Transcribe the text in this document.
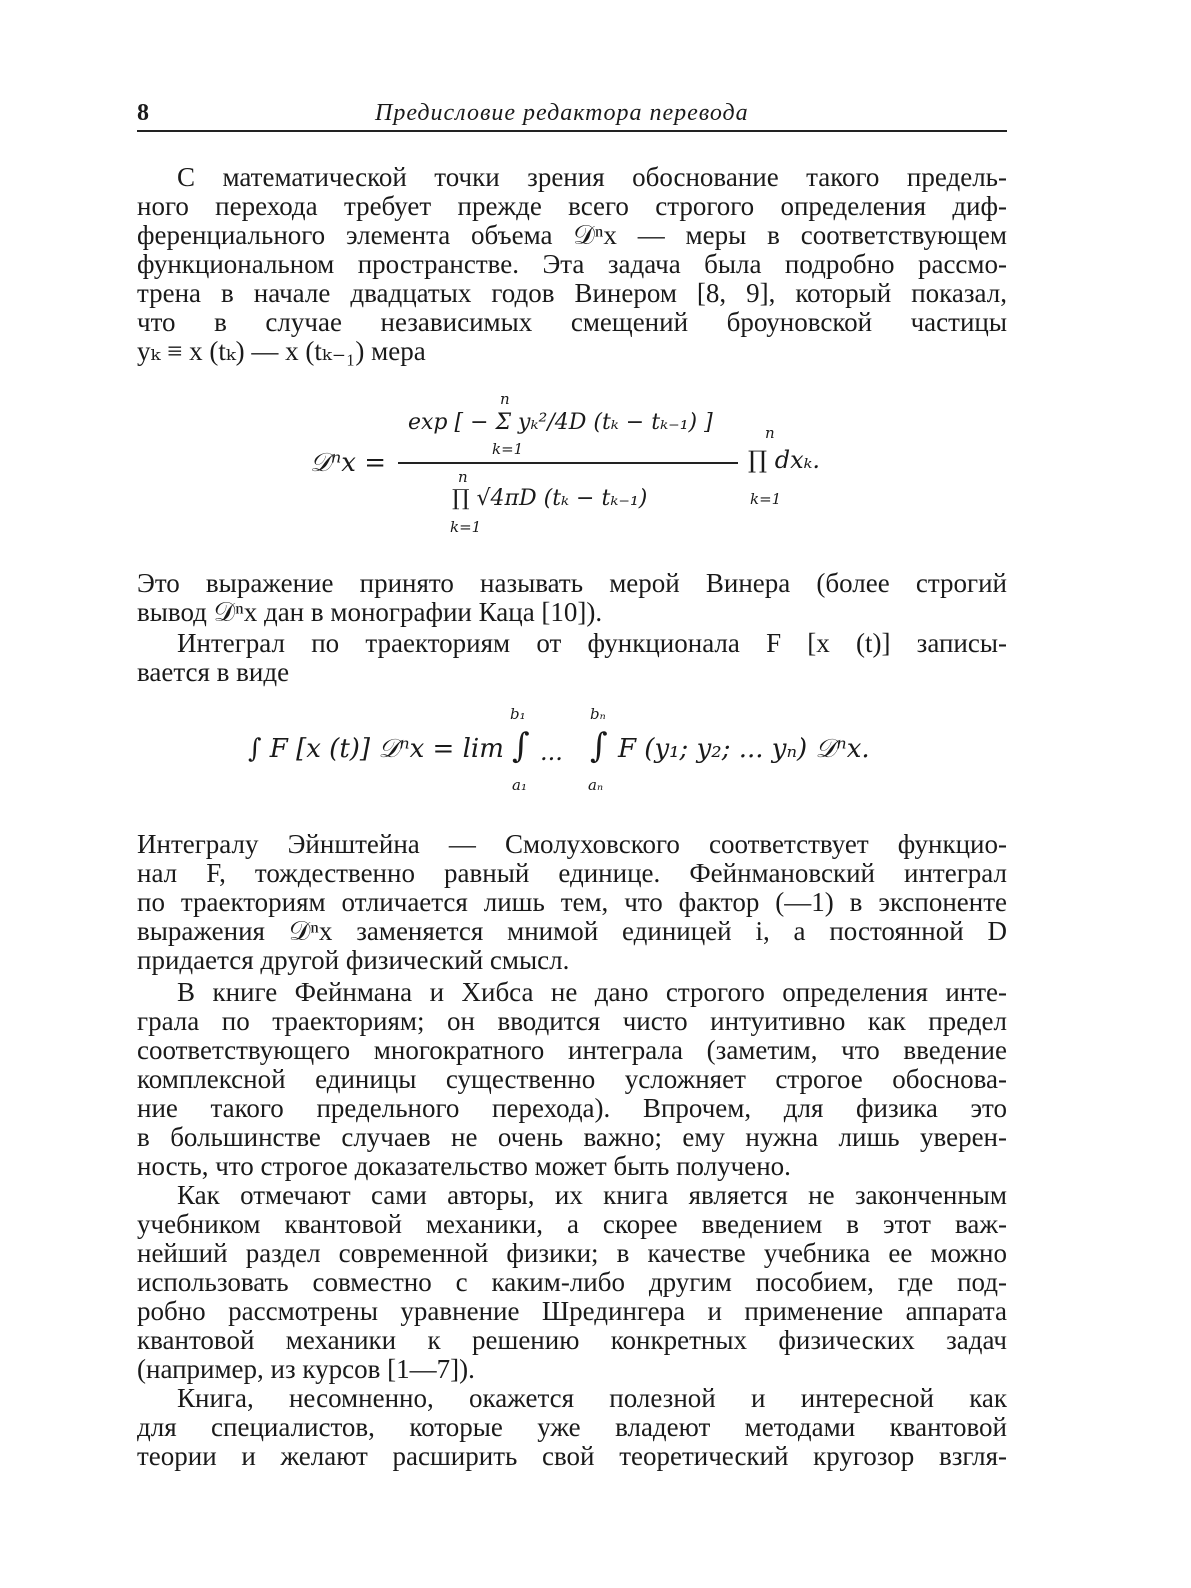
8	Предисловие редактора перевода
С математической точки зрения обоснование такого предель-
ного перехода требует прежде всего строгого определения диф-
ференциального элемента объема 𝒟ⁿx — меры в соответствующем
функциональном пространстве. Эта задача была подробно рассмо-
трена в начале двадцатых годов Винером [8, 9], который показал,
что в случае независимых смещений броуновской частицы
yₖ ≡ x (tₖ) — x (tₖ₋₁) мера
𝒟ⁿx =
n
exp [ − Σ yₖ²/4D (tₖ − tₖ₋₁) ]
k=1
n
∏ √4πD (tₖ − tₖ₋₁)
k=1
n
∏ dxₖ.
k=1
Это выражение принято называть мерой Винера (более строгий
вывод 𝒟ⁿx дан в монографии Каца [10]).
Интеграл по траекториям от функционала F [x (t)] записы-
вается в виде
∫ F [x (t)] 𝒟ⁿx = lim
b₁
∫
a₁
...
bₙ
∫
aₙ
F (y₁; y₂; ... yₙ) 𝒟ⁿx.
Интегралу Эйнштейна — Смолуховского соответствует функцио-
нал F, тождественно равный единице. Фейнмановский интеграл
по траекториям отличается лишь тем, что фактор (—1) в экспоненте
выражения 𝒟ⁿx заменяется мнимой единицей i, а постоянной D
придается другой физический смысл.
В книге Фейнмана и Хибса не дано строгого определения инте-
грала по траекториям; он вводится чисто интуитивно как предел
соответствующего многократного интеграла (заметим, что введение
комплексной единицы существенно усложняет строгое обоснова-
ние такого предельного перехода). Впрочем, для физика это
в большинстве случаев не очень важно; ему нужна лишь уверен-
ность, что строгое доказательство может быть получено.
Как отмечают сами авторы, их книга является не законченным
учебником квантовой механики, а скорее введением в этот важ-
нейший раздел современной физики; в качестве учебника ее можно
использовать совместно с каким-либо другим пособием, где под-
робно рассмотрены уравнение Шредингера и применение аппарата
квантовой механики к решению конкретных физических задач
(например, из курсов [1—7]).
Книга, несомненно, окажется полезной и интересной как
для специалистов, которые уже владеют методами квантовой
теории и желают расширить свой теоретический кругозор взгля-
